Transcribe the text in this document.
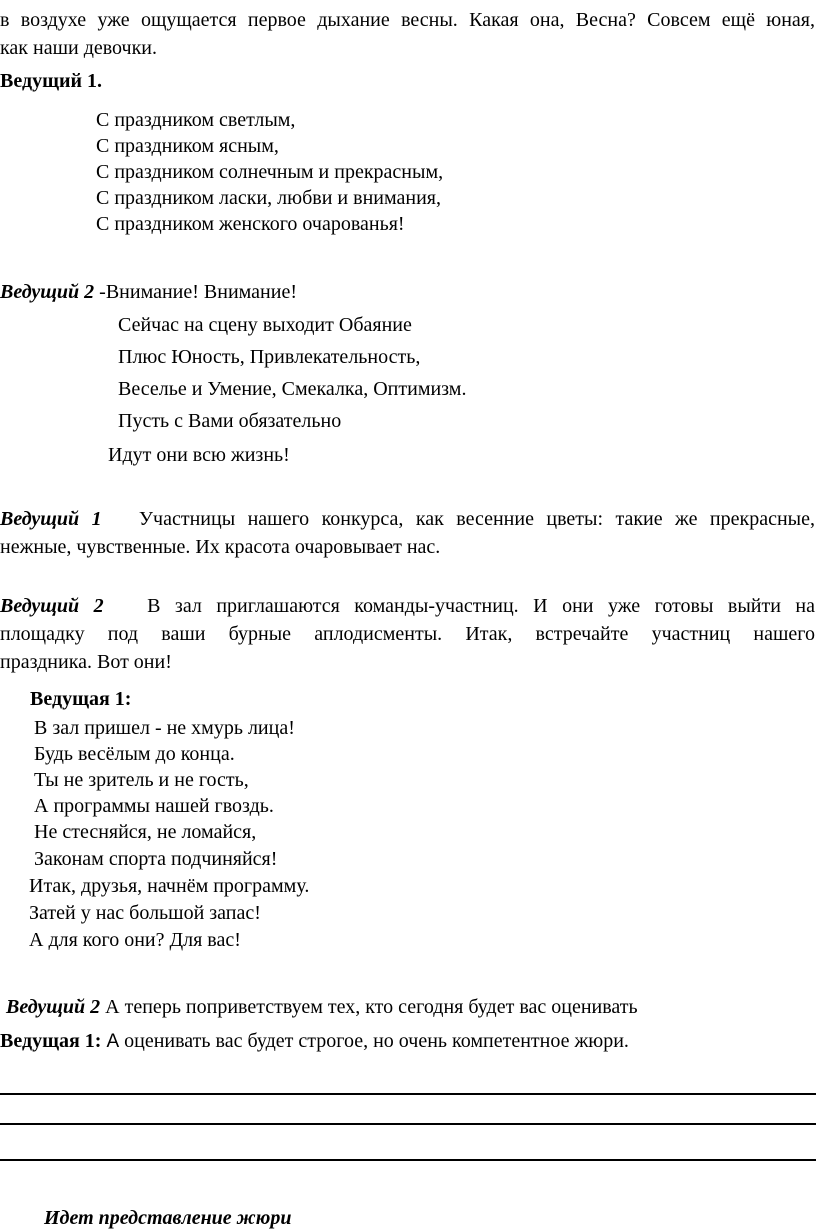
в воздухе уже ощущается первое дыхание весны. Какая она, Весна? Совсем ещё юная,
как наши девочки.
Ведущий 1.
С праздником светлым,
С праздником ясным,
С праздником солнечным и прекрасным,
С праздником ласки, любви и внимания,
С праздником женского очарованья!
Ведущий 2 -Внимание! Внимание!
Сейчас на сцену выходит Обаяние
Плюс Юность, Привлекательность,
Веселье и Умение, Смекалка, Оптимизм.
Пусть с Вами обязательно
Идут они всю жизнь!
Ведущий 1 Участницы нашего конкурса, как весенние цветы: такие же прекрасные,
нежные, чувственные. Их красота очаровывает нас.
Ведущий 2 В зал приглашаются команды-участниц. И они уже готовы выйти на
площадку под ваши бурные аплодисменты. Итак, встречайте участниц нашего
праздника. Вот они!
Ведущая 1:
В зал пришел - не хмурь лица!
Будь весёлым до конца.
Ты не зритель и не гость,
А программы нашей гвоздь.
Не стесняйся, не ломайся,
Законам спорта подчиняйся!
Итак, друзья, начнём программу.
Затей у нас большой запас!
А для кого они? Для вас!
Ведущий 2 А теперь поприветствуем тех, кто сегодня будет вас оценивать
Ведущая 1: А оценивать вас будет строгое, но очень компетентное жюри.
Идет представление жюри
